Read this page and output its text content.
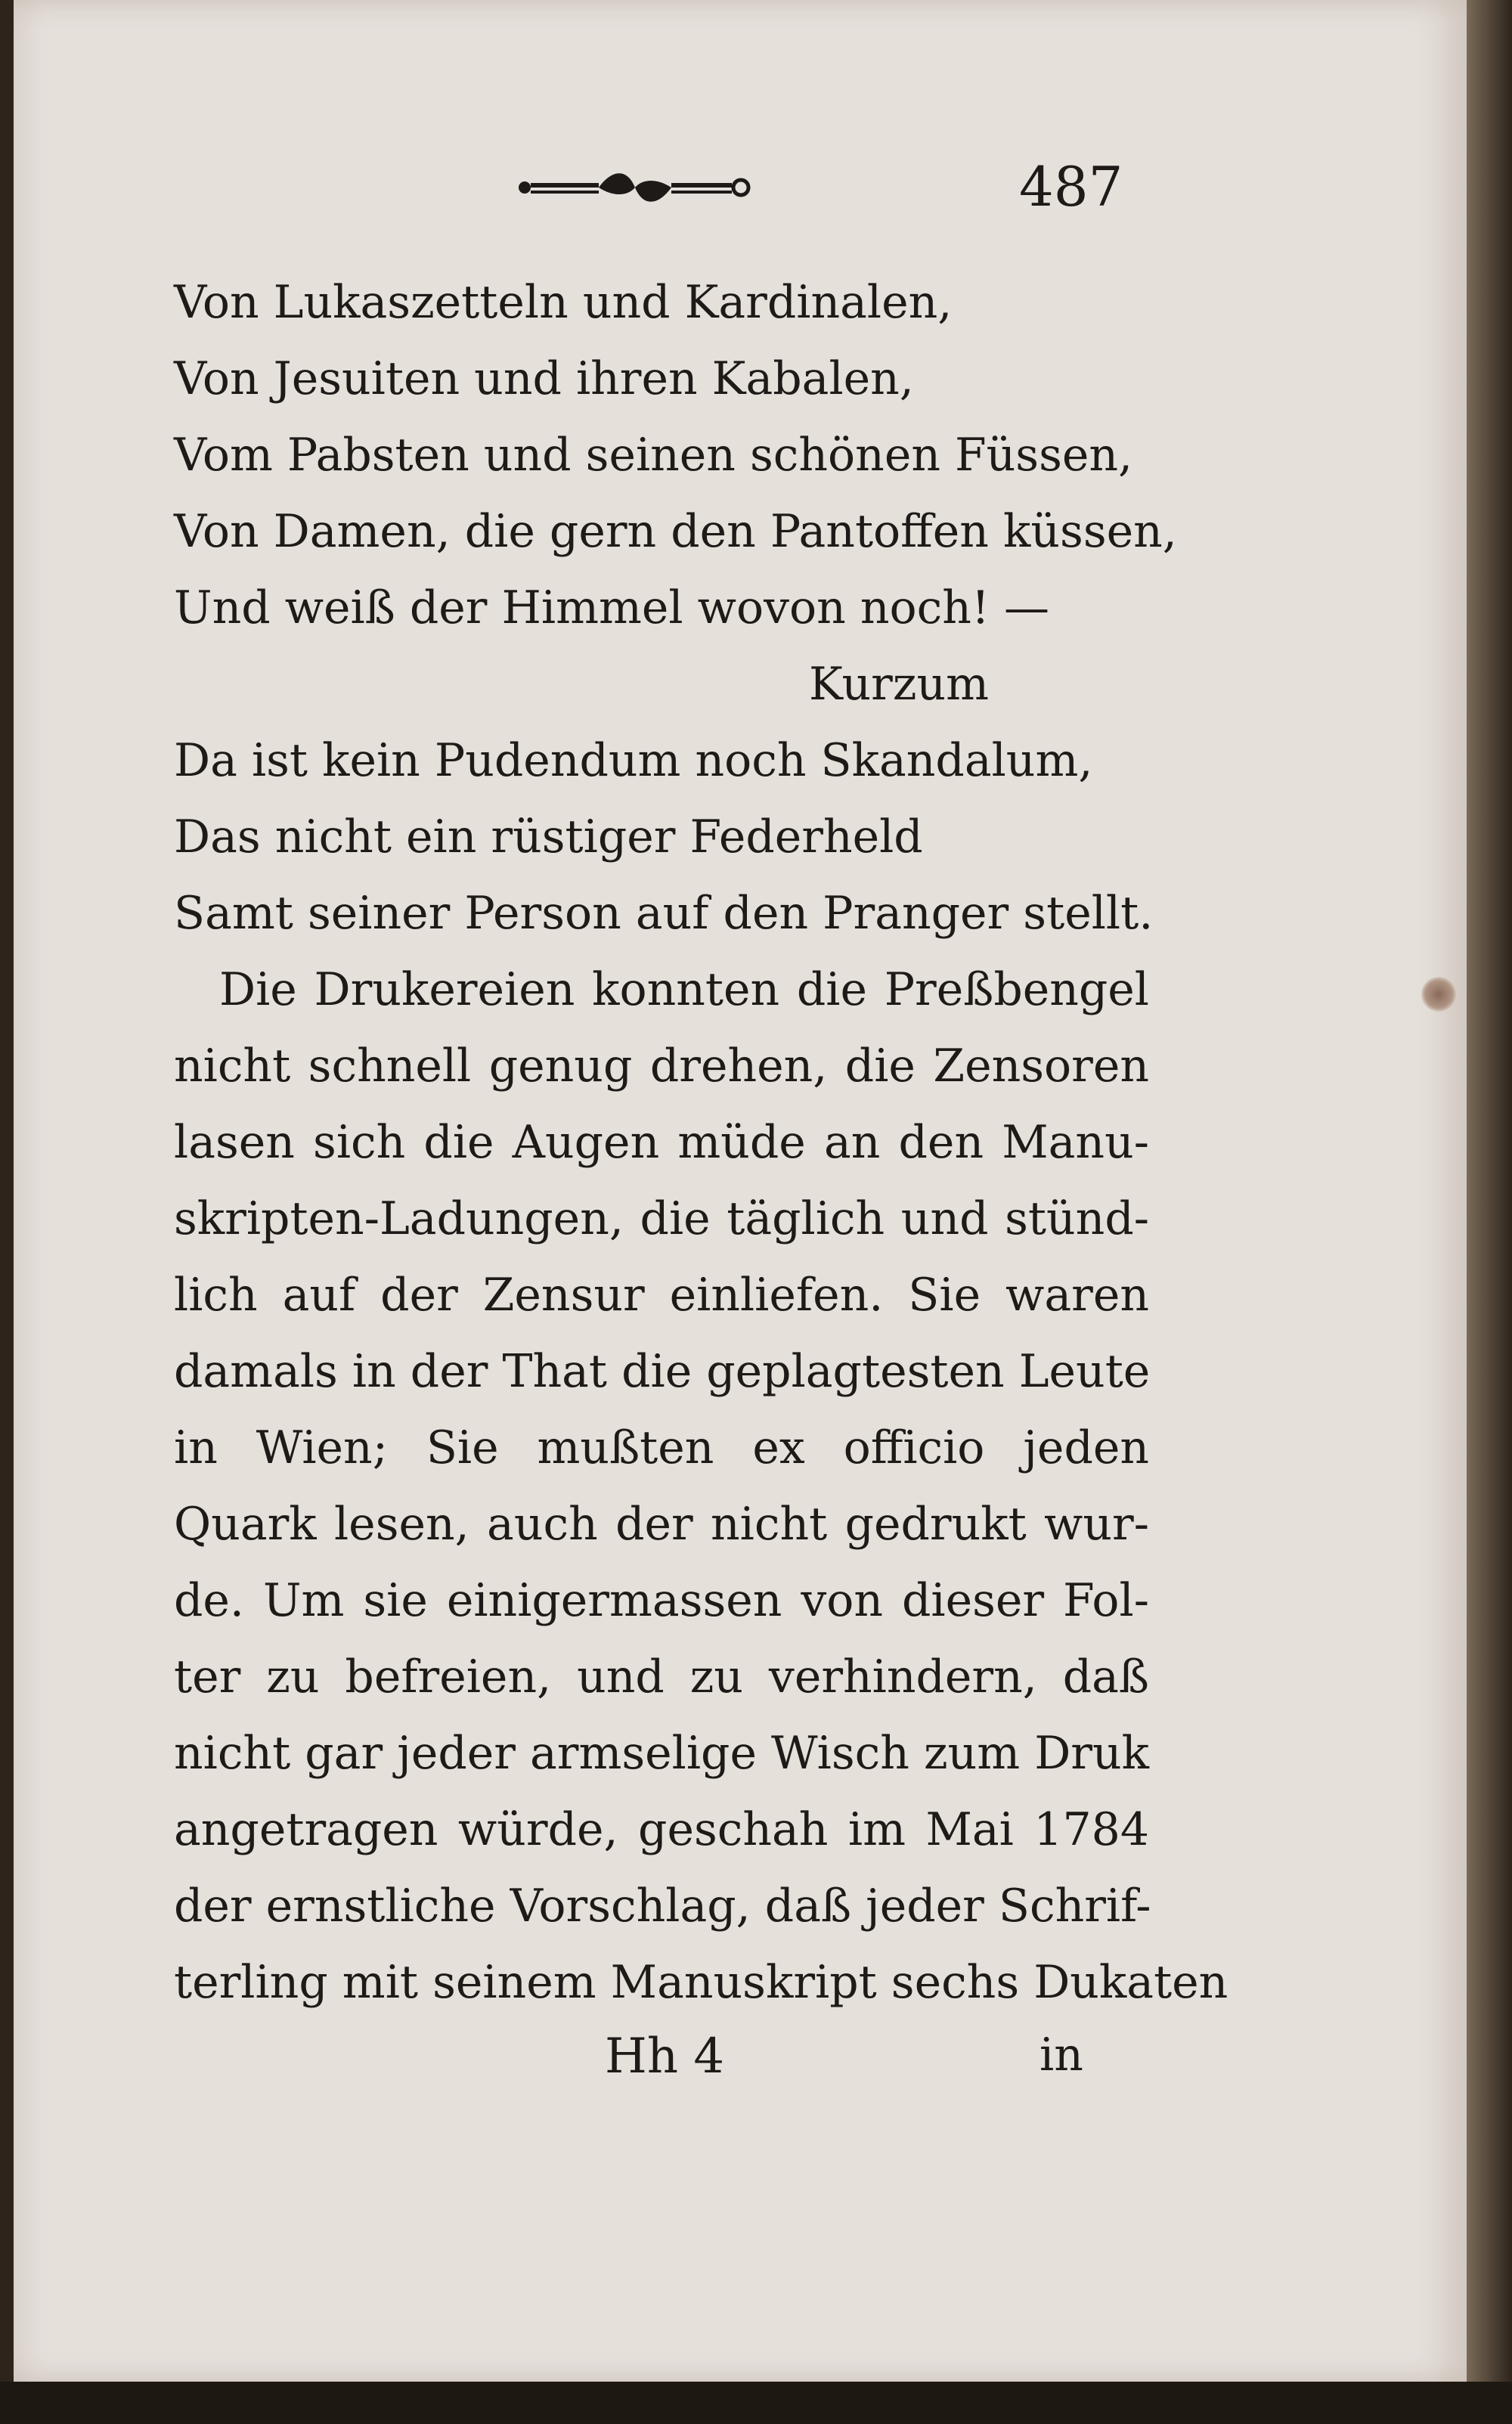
487
Von Lukaszetteln und Kardinalen,
Von Jesuiten und ihren Kabalen,
Vom Pabsten und seinen schönen Füssen,
Von Damen, die gern den Pantoffen küssen,
Und weiß der Himmel wovon noch! —
Kurzum
Da ist kein Pudendum noch Skandalum,
Das nicht ein rüstiger Federheld
Samt seiner Person auf den Pranger stellt.
Die Drukereien konnten die Preßbengel
nicht schnell genug drehen, die Zensoren
lasen sich die Augen müde an den Manu-
skripten-Ladungen, die täglich und stünd-
lich auf der Zensur einliefen. Sie waren
damals in der That die geplagtesten Leute
in Wien; Sie mußten ex officio jeden
Quark lesen, auch der nicht gedrukt wur-
de. Um sie einigermassen von dieser Fol-
ter zu befreien, und zu verhindern, daß
nicht gar jeder armselige Wisch zum Druk
angetragen würde, geschah im Mai 1784
der ernstliche Vorschlag, daß jeder Schrif-
terling mit seinem Manuskript sechs Dukaten
Hh 4	in
